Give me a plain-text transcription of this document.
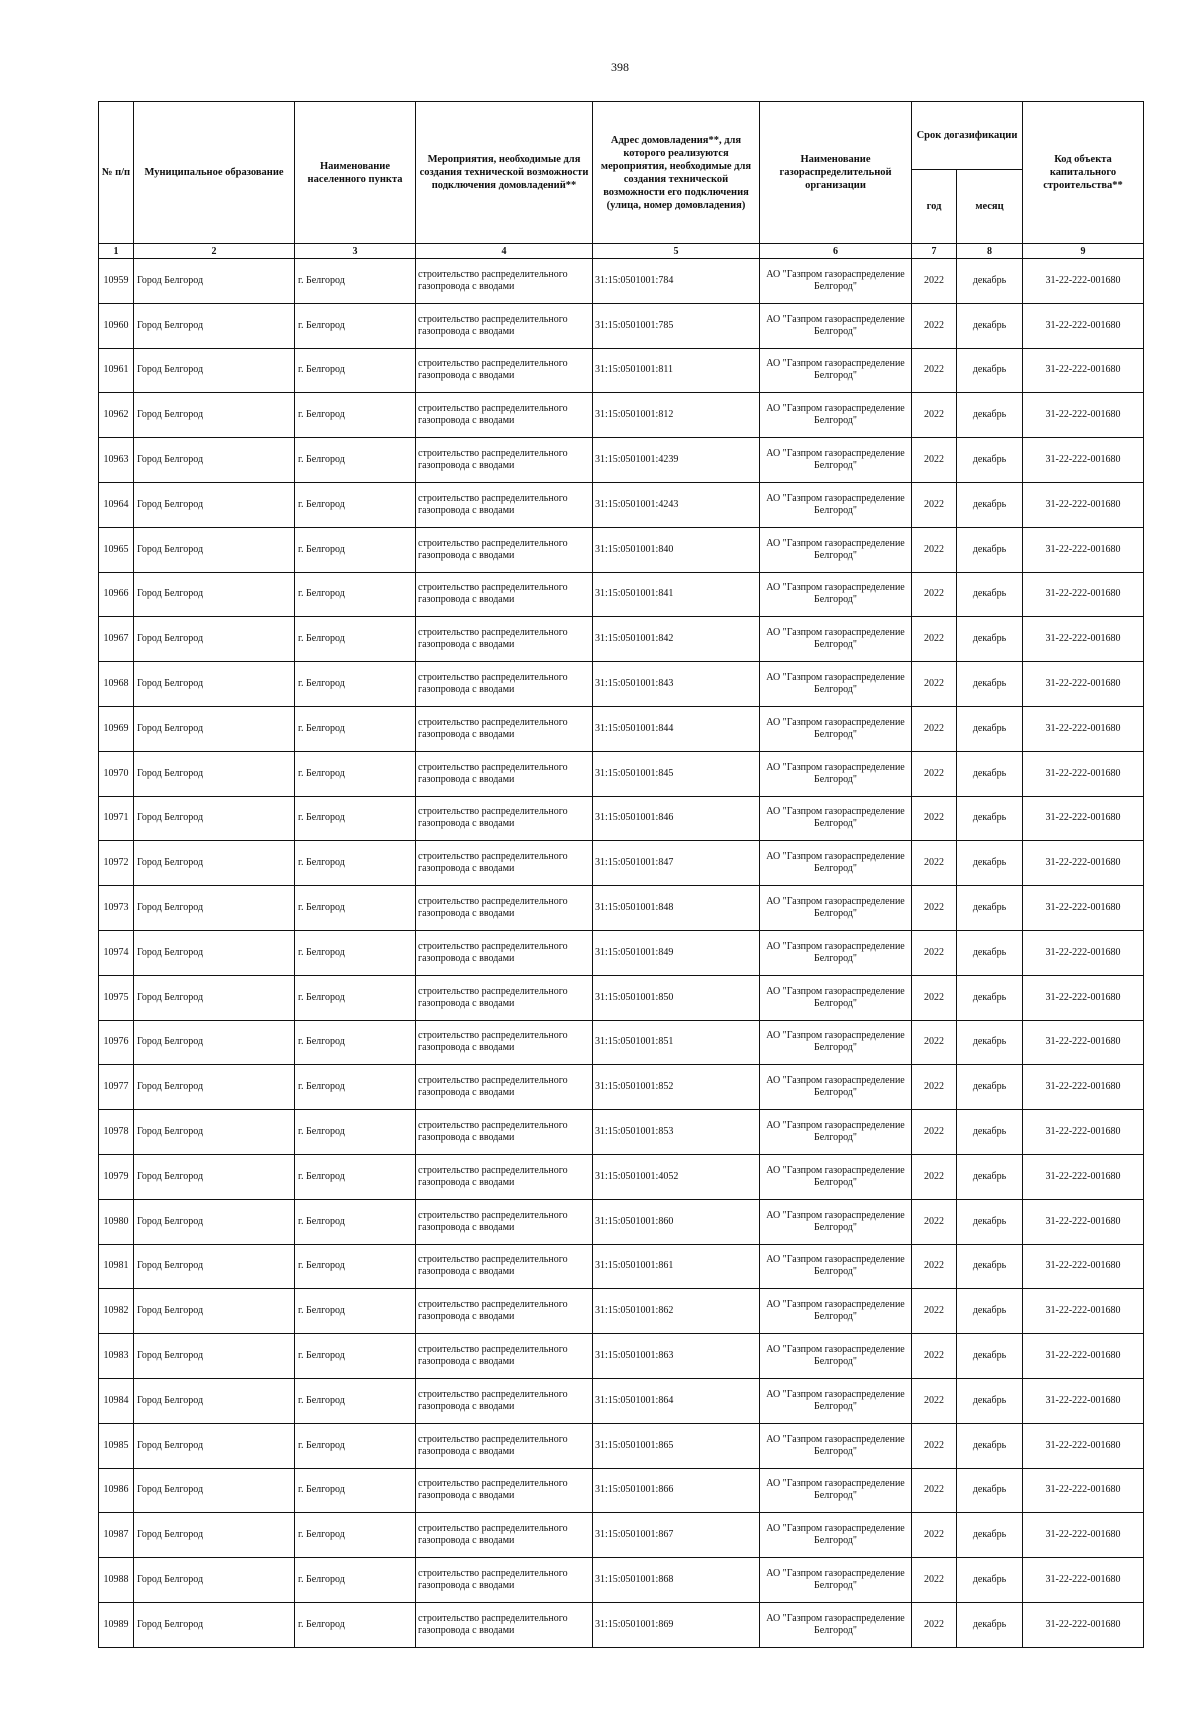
398
№ п/п	Муниципальное образование	Наименование населенного пункта	Мероприятия, необходимые для создания технической возможности подключения домовладений**	Адрес домовладения**, для которого реализуются мероприятия, необходимые для создания технической возможности его подключения (улица, номер домовладения)	Наименование газораспределительной организации	Срок догазификации		Код объекта капитального строительства**
						год	месяц	
1	2	3	4	5	6	7	8	9
10959	Город Белгород	г. Белгород	строительство распределительного газопровода с вводами	31:15:0501001:784	АО "Газпром газораспределение Белгород"	2022	декабрь	31-22-222-001680
10960	Город Белгород	г. Белгород	строительство распределительного газопровода с вводами	31:15:0501001:785	АО "Газпром газораспределение Белгород"	2022	декабрь	31-22-222-001680
10961	Город Белгород	г. Белгород	строительство распределительного газопровода с вводами	31:15:0501001:811	АО "Газпром газораспределение Белгород"	2022	декабрь	31-22-222-001680
10962	Город Белгород	г. Белгород	строительство распределительного газопровода с вводами	31:15:0501001:812	АО "Газпром газораспределение Белгород"	2022	декабрь	31-22-222-001680
10963	Город Белгород	г. Белгород	строительство распределительного газопровода с вводами	31:15:0501001:4239	АО "Газпром газораспределение Белгород"	2022	декабрь	31-22-222-001680
10964	Город Белгород	г. Белгород	строительство распределительного газопровода с вводами	31:15:0501001:4243	АО "Газпром газораспределение Белгород"	2022	декабрь	31-22-222-001680
10965	Город Белгород	г. Белгород	строительство распределительного газопровода с вводами	31:15:0501001:840	АО "Газпром газораспределение Белгород"	2022	декабрь	31-22-222-001680
10966	Город Белгород	г. Белгород	строительство распределительного газопровода с вводами	31:15:0501001:841	АО "Газпром газораспределение Белгород"	2022	декабрь	31-22-222-001680
10967	Город Белгород	г. Белгород	строительство распределительного газопровода с вводами	31:15:0501001:842	АО "Газпром газораспределение Белгород"	2022	декабрь	31-22-222-001680
10968	Город Белгород	г. Белгород	строительство распределительного газопровода с вводами	31:15:0501001:843	АО "Газпром газораспределение Белгород"	2022	декабрь	31-22-222-001680
10969	Город Белгород	г. Белгород	строительство распределительного газопровода с вводами	31:15:0501001:844	АО "Газпром газораспределение Белгород"	2022	декабрь	31-22-222-001680
10970	Город Белгород	г. Белгород	строительство распределительного газопровода с вводами	31:15:0501001:845	АО "Газпром газораспределение Белгород"	2022	декабрь	31-22-222-001680
10971	Город Белгород	г. Белгород	строительство распределительного газопровода с вводами	31:15:0501001:846	АО "Газпром газораспределение Белгород"	2022	декабрь	31-22-222-001680
10972	Город Белгород	г. Белгород	строительство распределительного газопровода с вводами	31:15:0501001:847	АО "Газпром газораспределение Белгород"	2022	декабрь	31-22-222-001680
10973	Город Белгород	г. Белгород	строительство распределительного газопровода с вводами	31:15:0501001:848	АО "Газпром газораспределение Белгород"	2022	декабрь	31-22-222-001680
10974	Город Белгород	г. Белгород	строительство распределительного газопровода с вводами	31:15:0501001:849	АО "Газпром газораспределение Белгород"	2022	декабрь	31-22-222-001680
10975	Город Белгород	г. Белгород	строительство распределительного газопровода с вводами	31:15:0501001:850	АО "Газпром газораспределение Белгород"	2022	декабрь	31-22-222-001680
10976	Город Белгород	г. Белгород	строительство распределительного газопровода с вводами	31:15:0501001:851	АО "Газпром газораспределение Белгород"	2022	декабрь	31-22-222-001680
10977	Город Белгород	г. Белгород	строительство распределительного газопровода с вводами	31:15:0501001:852	АО "Газпром газораспределение Белгород"	2022	декабрь	31-22-222-001680
10978	Город Белгород	г. Белгород	строительство распределительного газопровода с вводами	31:15:0501001:853	АО "Газпром газораспределение Белгород"	2022	декабрь	31-22-222-001680
10979	Город Белгород	г. Белгород	строительство распределительного газопровода с вводами	31:15:0501001:4052	АО "Газпром газораспределение Белгород"	2022	декабрь	31-22-222-001680
10980	Город Белгород	г. Белгород	строительство распределительного газопровода с вводами	31:15:0501001:860	АО "Газпром газораспределение Белгород"	2022	декабрь	31-22-222-001680
10981	Город Белгород	г. Белгород	строительство распределительного газопровода с вводами	31:15:0501001:861	АО "Газпром газораспределение Белгород"	2022	декабрь	31-22-222-001680
10982	Город Белгород	г. Белгород	строительство распределительного газопровода с вводами	31:15:0501001:862	АО "Газпром газораспределение Белгород"	2022	декабрь	31-22-222-001680
10983	Город Белгород	г. Белгород	строительство распределительного газопровода с вводами	31:15:0501001:863	АО "Газпром газораспределение Белгород"	2022	декабрь	31-22-222-001680
10984	Город Белгород	г. Белгород	строительство распределительного газопровода с вводами	31:15:0501001:864	АО "Газпром газораспределение Белгород"	2022	декабрь	31-22-222-001680
10985	Город Белгород	г. Белгород	строительство распределительного газопровода с вводами	31:15:0501001:865	АО "Газпром газораспределение Белгород"	2022	декабрь	31-22-222-001680
10986	Город Белгород	г. Белгород	строительство распределительного газопровода с вводами	31:15:0501001:866	АО "Газпром газораспределение Белгород"	2022	декабрь	31-22-222-001680
10987	Город Белгород	г. Белгород	строительство распределительного газопровода с вводами	31:15:0501001:867	АО "Газпром газораспределение Белгород"	2022	декабрь	31-22-222-001680
10988	Город Белгород	г. Белгород	строительство распределительного газопровода с вводами	31:15:0501001:868	АО "Газпром газораспределение Белгород"	2022	декабрь	31-22-222-001680
10989	Город Белгород	г. Белгород	строительство распределительного газопровода с вводами	31:15:0501001:869	АО "Газпром газораспределение Белгород"	2022	декабрь	31-22-222-001680
